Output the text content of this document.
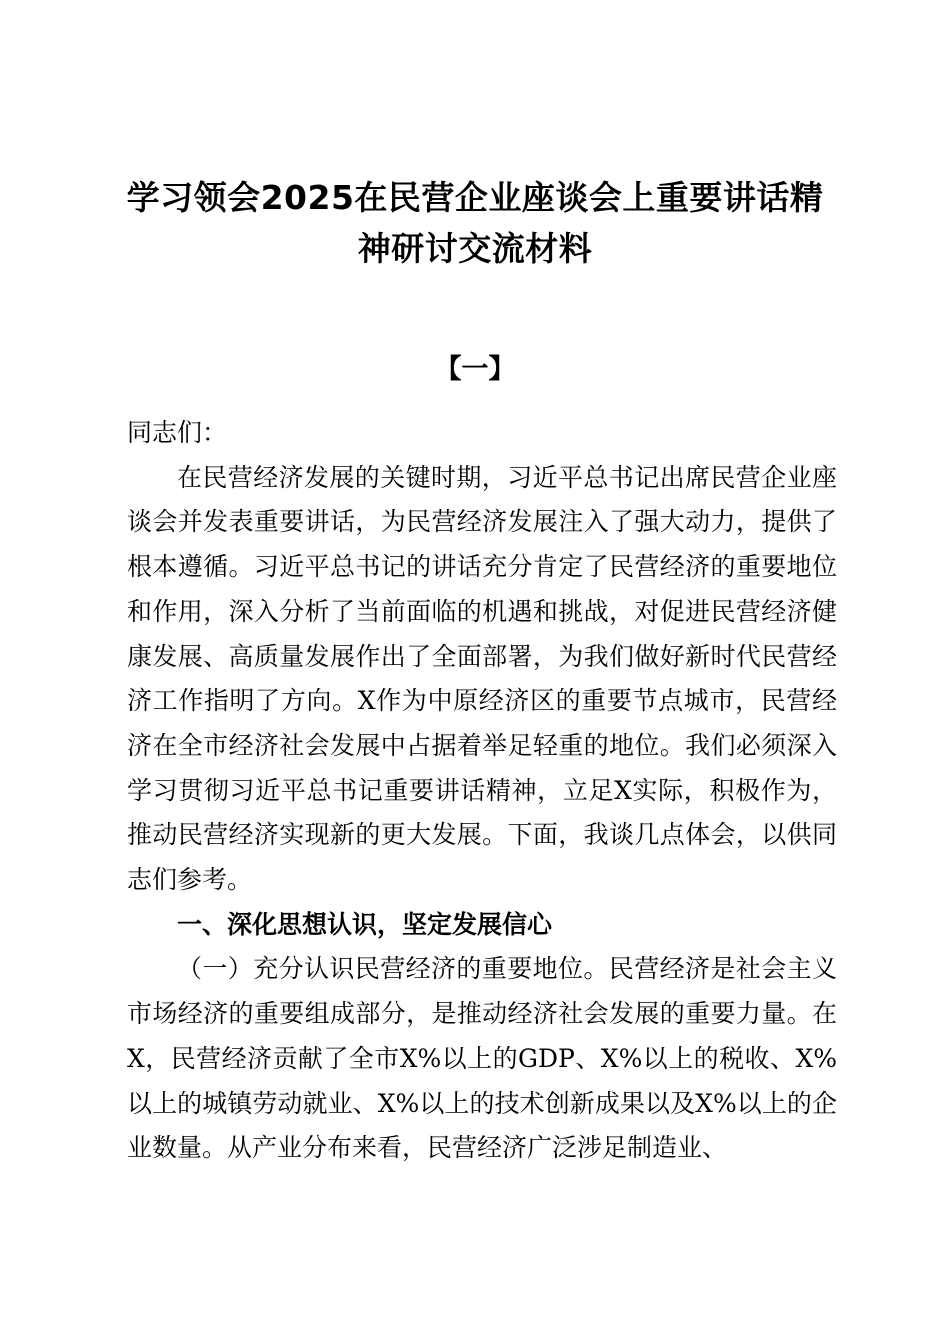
学习领会2025在民营企业座谈会上重要讲话精神研讨交流材料
【一】

同志们：

在民营经济发展的关键时期，习近平总书记出席民营企业座谈会并发表重要讲话，为民营经济发展注入了强大动力，提供了根本遵循。习近平总书记的讲话充分肯定了民营经济的重要地位和作用，深入分析了当前面临的机遇和挑战，对促进民营经济健康发展、高质量发展作出了全面部署，为我们做好新时代民营经济工作指明了方向。X作为中原经济区的重要节点城市，民营经济在全市经济社会发展中占据着举足轻重的地位。我们必须深入学习贯彻习近平总书记重要讲话精神，立足X实际，积极作为，推动民营经济实现新的更大发展。下面，我谈几点体会，以供同志们参考。

一、深化思想认识，坚定发展信心

（一）充分认识民营经济的重要地位。民营经济是社会主义市场经济的重要组成部分，是推动经济社会发展的重要力量。在X，民营经济贡献了全市X%以上的GDP、X%以上的税收、X%以上的城镇劳动就业、X%以上的技术创新成果以及X%以上的企业数量。从产业分布来看，民营经济广泛涉足制造业、
